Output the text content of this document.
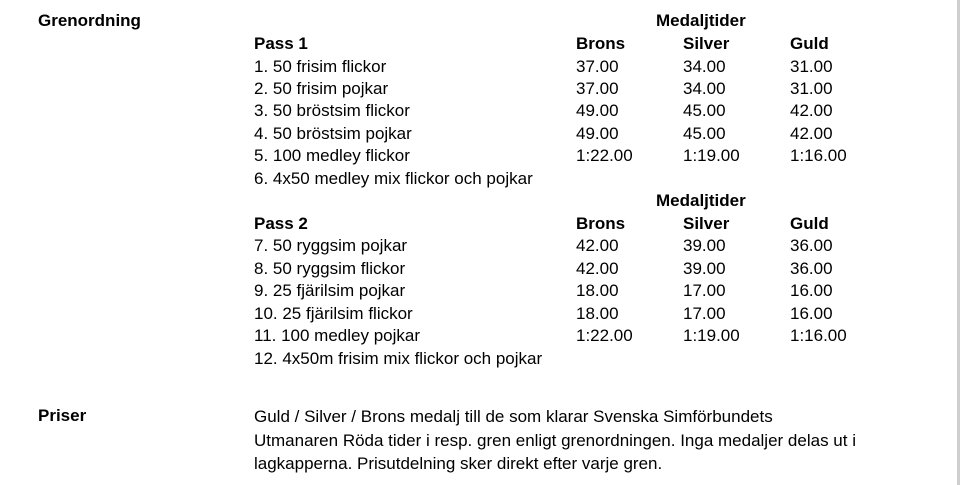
Grenordning	Medaljtider
Pass 1	Brons	Silver	Guld
1. 50 frisim flickor	37.00	34.00	31.00
2. 50 frisim pojkar	37.00	34.00	31.00
3. 50 bröstsim flickor	49.00	45.00	42.00
4. 50 bröstsim pojkar	49.00	45.00	42.00
5. 100 medley flickor	1:22.00	1:19.00	1:16.00
6. 4x50 medley mix flickor och pojkar
Medaljtider
Pass 2	Brons	Silver	Guld
7. 50 ryggsim pojkar	42.00	39.00	36.00
8. 50 ryggsim flickor	42.00	39.00	36.00
9. 25 fjärilsim pojkar	18.00	17.00	16.00
10. 25 fjärilsim flickor	18.00	17.00	16.00
11. 100 medley pojkar	1:22.00	1:19.00	1:16.00
12. 4x50m frisim mix flickor och pojkar
Priser	Guld / Silver / Brons medalj till de som klarar Svenska Simförbundets
Utmanaren Röda tider i resp. gren enligt grenordningen. Inga medaljer delas ut i
lagkapperna. Prisutdelning sker direkt efter varje gren.
